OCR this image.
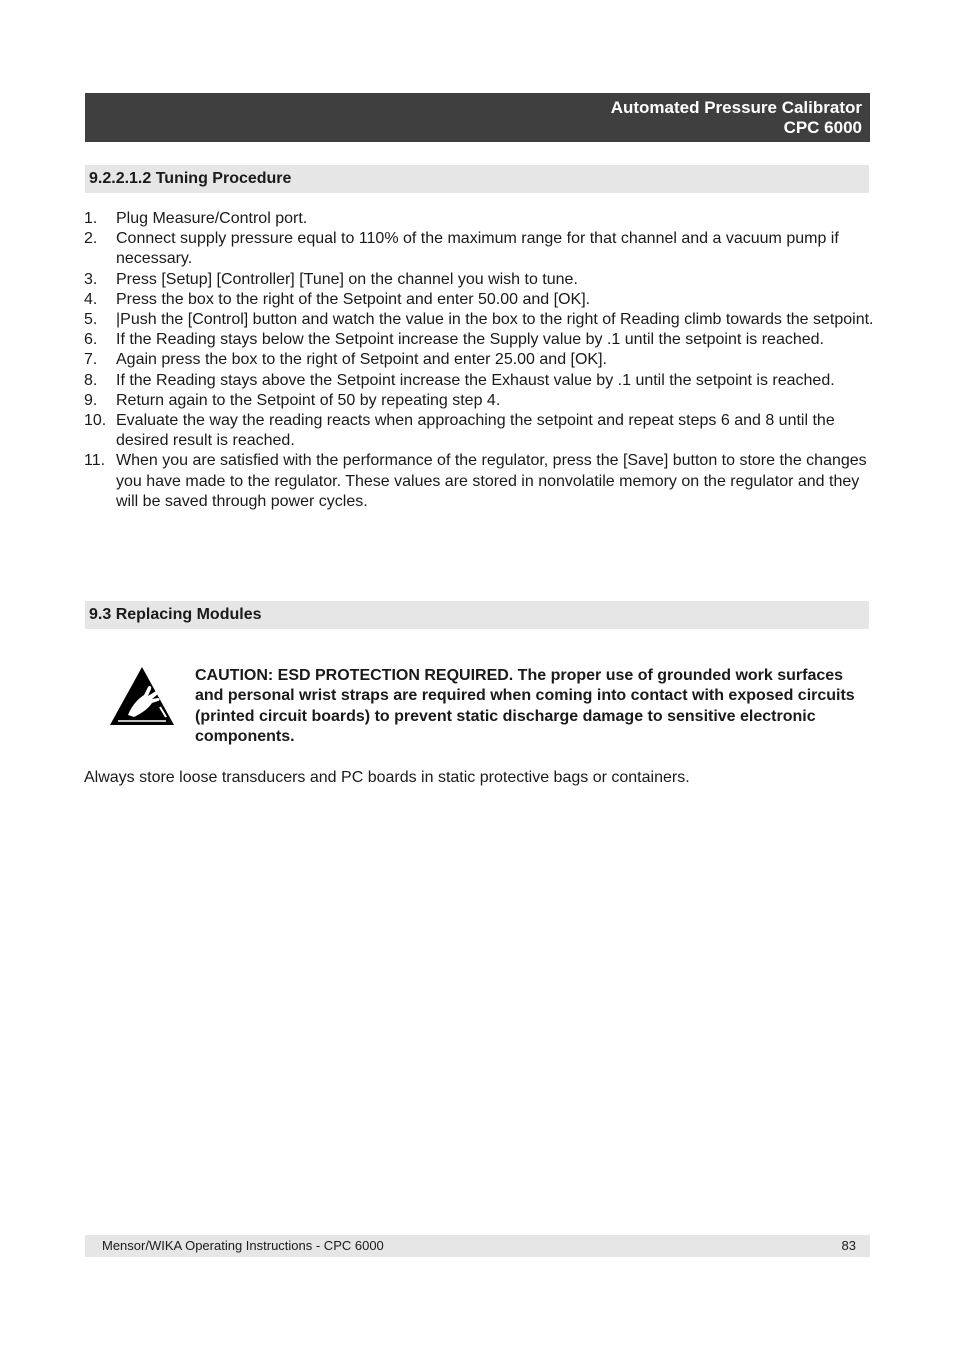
Automated Pressure Calibrator
CPC 6000
9.2.2.1.2 Tuning Procedure
1. Plug Measure/Control port.
2. Connect supply pressure equal to 110% of the maximum range for that channel and a vacuum pump if necessary.
3. Press [Setup] [Controller] [Tune] on the channel you wish to tune.
4. Press the box to the right of the Setpoint and enter 50.00 and [OK].
5. |Push the [Control] button and watch the value in the box to the right of Reading climb towards the setpoint.
6. If the Reading stays below the Setpoint increase the Supply value by .1 until the setpoint is reached.
7. Again press the box to the right of Setpoint and enter 25.00 and [OK].
8. If the Reading stays above the Setpoint increase the Exhaust value by .1 until the setpoint is reached.
9. Return again to the Setpoint of 50 by repeating step 4.
10. Evaluate the way the reading reacts when approaching the setpoint and repeat steps 6 and 8 until the desired result is reached.
11. When you are satisfied with the performance of the regulator, press the [Save] button to store the changes you have made to the regulator. These values are stored in nonvolatile memory on the regulator and they will be saved through power cycles.
9.3 Replacing Modules
CAUTION: ESD PROTECTION REQUIRED. The proper use of grounded work surfaces and personal wrist straps are required when coming into contact with exposed circuits (printed circuit boards) to prevent static discharge damage to sensitive electronic components.
Always store loose transducers and PC boards in static protective bags or containers.
Mensor/WIKA Operating Instructions - CPC 6000	83
